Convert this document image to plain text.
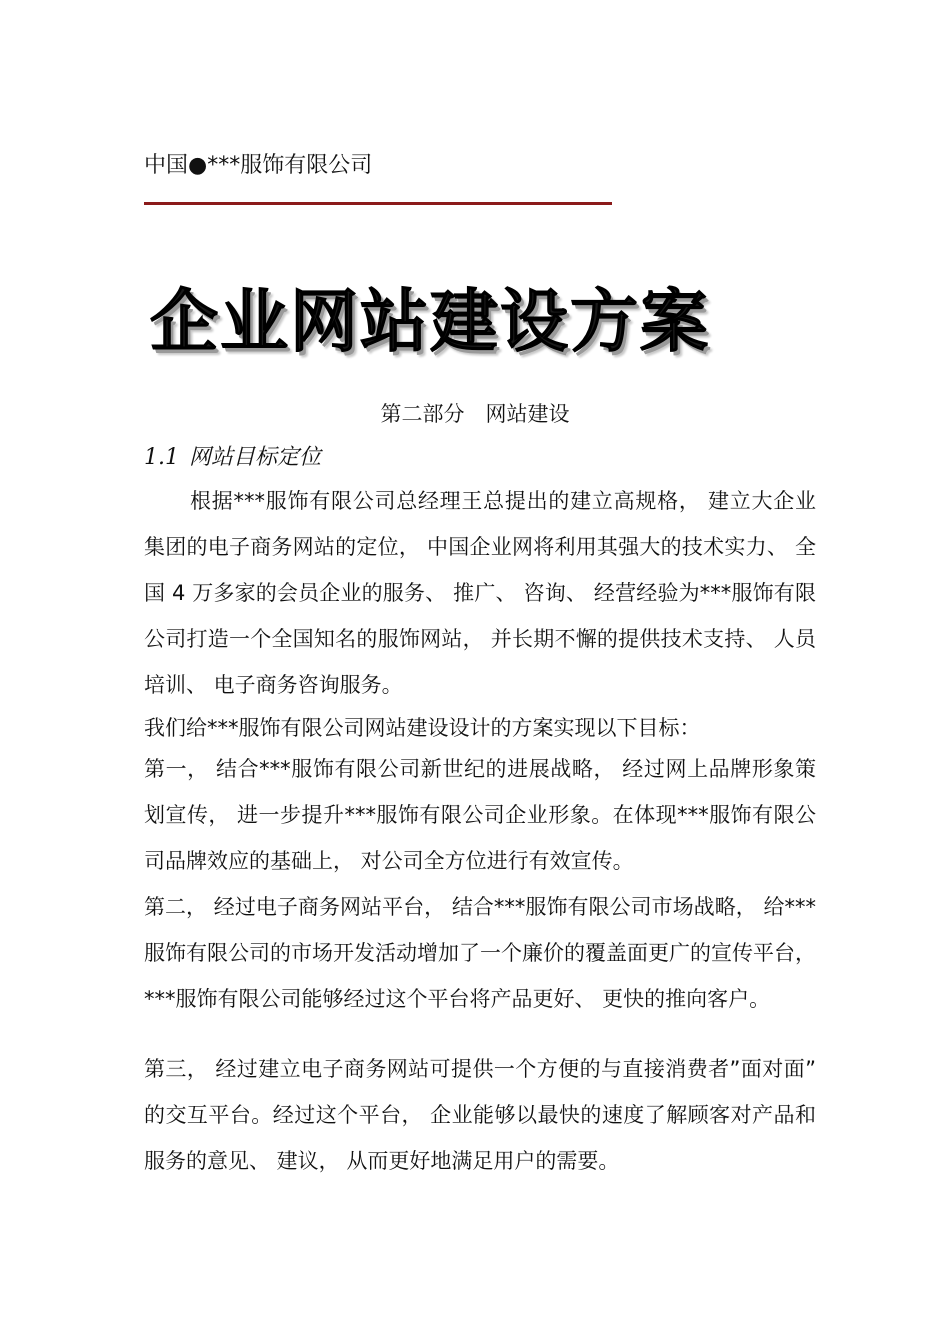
中国●***服饰有限公司
企业网站建设方案
第二部分　网站建设
1.1 网站目标定位

根据***服饰有限公司总经理王总提出的建立高规格， 建立大企业集团的电子商务网站的定位， 中国企业网将利用其强大的技术实力、 全国 4 万多家的会员企业的服务、 推广、 咨询、 经营经验为***服饰有限公司打造一个全国知名的服饰网站， 并长期不懈的提供技术支持、 人员培训、 电子商务咨询服务。

我们给***服饰有限公司网站建设设计的方案实现以下目标：

第一， 结合***服饰有限公司新世纪的进展战略， 经过网上品牌形象策划宣传， 进一步提升***服饰有限公司企业形象。在体现***服饰有限公司品牌效应的基础上， 对公司全方位进行有效宣传。

第二， 经过电子商务网站平台， 结合***服饰有限公司市场战略， 给***服饰有限公司的市场开发活动增加了一个廉价的覆盖面更广的宣传平台， ***服饰有限公司能够经过这个平台将产品更好、 更快的推向客户。

第三， 经过建立电子商务网站可提供一个方便的与直接消费者”面对面” 的交互平台。经过这个平台， 企业能够以最快的速度了解顾客对产品和服务的意见、 建议， 从而更好地满足用户的需要。
